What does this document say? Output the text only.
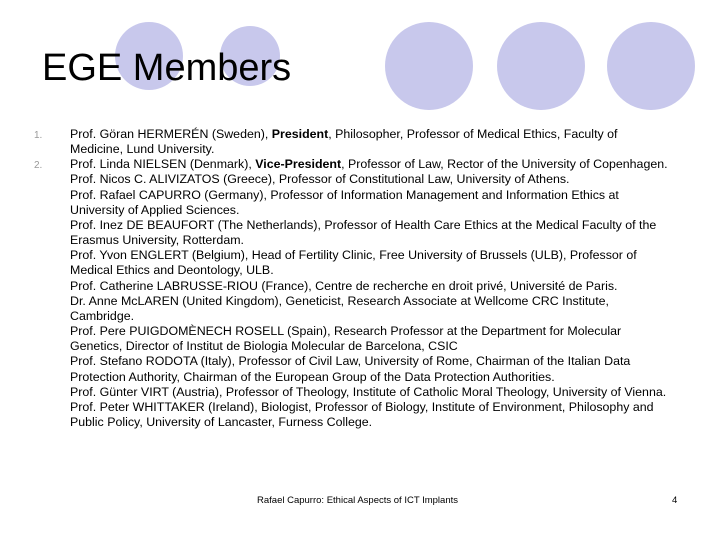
EGE Members

1. Prof. Göran HERMERÉN (Sweden), President, Philosopher, Professor of Medical Ethics, Faculty of Medicine, Lund University.

2. Prof. Linda NIELSEN (Denmark), Vice-President, Professor of Law, Rector of the University of Copenhagen.

Prof. Nicos C. ALIVIZATOS (Greece), Professor of Constitutional Law, University of Athens.

Prof. Rafael CAPURRO (Germany), Professor of Information Management and Information Ethics at University of Applied Sciences.

Prof. Inez DE BEAUFORT (The Netherlands), Professor of Health Care Ethics at the Medical Faculty of the Erasmus University, Rotterdam.

Prof. Yvon ENGLERT (Belgium), Head of Fertility Clinic, Free University of Brussels (ULB), Professor of Medical Ethics and Deontology, ULB.

Prof. Catherine LABRUSSE-RIOU (France), Centre de recherche en droit privé, Université de Paris.

Dr. Anne McLAREN (United Kingdom), Geneticist, Research Associate at Wellcome CRC Institute, Cambridge.

Prof. Pere PUIGDOMÈNECH ROSELL (Spain), Research Professor at the Department for Molecular Genetics, Director of Institut de Biologia Molecular de Barcelona, CSIC

Prof. Stefano RODOTA (Italy), Professor of Civil Law, University of Rome, Chairman of the Italian Data Protection Authority, Chairman of the European Group of the Data Protection Authorities.

Prof. Günter VIRT (Austria), Professor of Theology, Institute of Catholic Moral Theology, University of Vienna.

Prof. Peter WHITTAKER (Ireland), Biologist, Professor of Biology, Institute of Environment, Philosophy and Public Policy, University of Lancaster, Furness College.

Rafael Capurro: Ethical Aspects of ICT Implants	4
